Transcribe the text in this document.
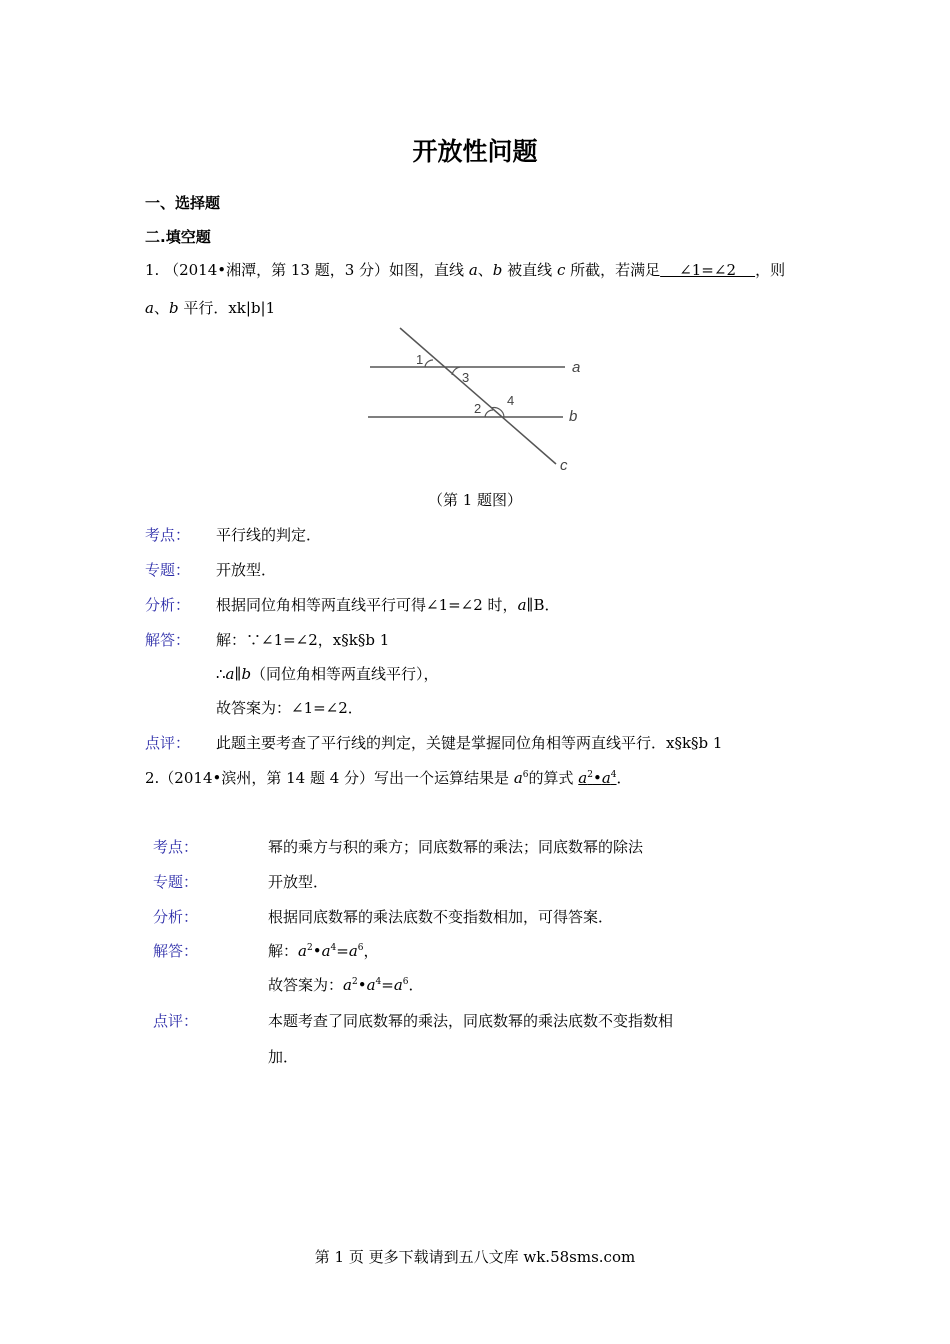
开放性问题
一、选择题
二.填空题
1. （2014•湘潭，第 13 题，3 分）如图，直线 a、b 被直线 c 所截，若满足    ∠1=∠2    ，则
a、b 平行．xk|b|1
1
3
2
4
a
b
c
（第 1 题图）
考点： 平行线的判定．
专题： 开放型．
分析： 根据同位角相等两直线平行可得∠1=∠2 时，a∥B．
解答： 解：∵∠1=∠2，x§k§b 1
∴a∥b（同位角相等两直线平行），
故答案为：∠1=∠2．
点评： 此题主要考查了平行线的判定，关键是掌握同位角相等两直线平行．x§k§b 1
2.（2014•滨州，第 14 题 4 分）写出一个运算结果是 $a^6$的算式 $a^2•a^4$．
考点：	幂的乘方与积的乘方；同底数幂的乘法；同底数幂的除法
专题：	开放型．
分析：	根据同底数幂的乘法底数不变指数相加，可得答案．
解答：	解：$a^2•a^4=a^6$，
故答案为：$a^2•a^4=a^6$．
点评：	本题考查了同底数幂的乘法，同底数幂的乘法底数不变指数相
加．
第 1 页 更多下载请到五八文库 wk.58sms.com
